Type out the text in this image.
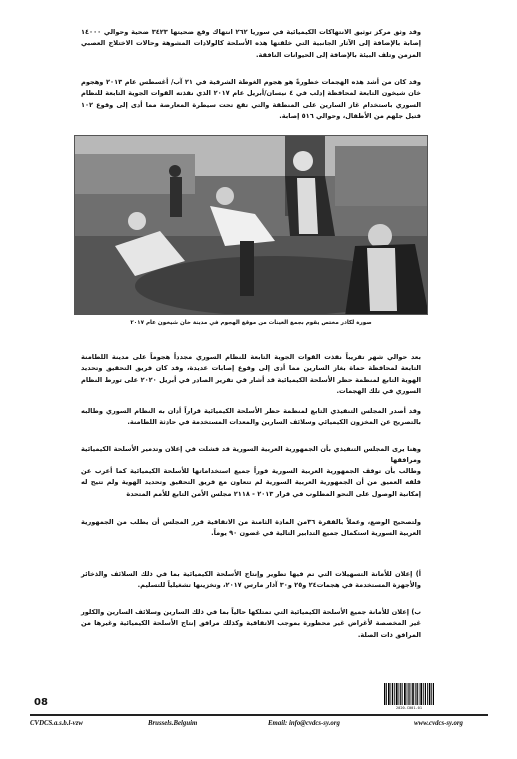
وقد وثق مركز توثيق الانتهاكات الكيميائية في سوريا ٢٦٢ انتهاك وقع ضحيتها ٣٤٢٣ ضحية وحوالي ١٤٠٠٠ إصابة بالإضافة إلى الآثار الجانبية التي خلقتها هذه الأسلحة كالولادات المشوهة وحالات الاختلاج العصبي المزمن وتلف البيئة بالإضافة إلى الحيوانات النافقة.

وقد كان من أشد هذه الهجمات خطورةً هو هجوم الغوطة الشرقية في ٢١ آب/ أغسطس عام ٢٠١٣ وهجوم خان شيخون التابعة لمحافظة إدلب في ٤ نيسان/أبريل عام ٢٠١٧ الذي نفذته القوات الجوية التابعة للنظام السوري باستخدام غاز السارين على المنطقة والتي تقع تحت سيطرة المعارضة مما أدى إلى وقوع ١٠٢ قتيل جلهم من الأطفال، وحوالي ٥١٦ إصابة.

صورة لكادر مختص يقوم بجمع العينات من موقع الهجوم في مدينة خان شيخون عام ٢٠١٧

بعد حوالي شهر تقريباً نفذت القوات الجوية التابعة للنظام السوري مجدداً هجوماً على مدينة اللطامنة التابعة لمحافظة حماة بغاز السارين مما أدى إلى وقوع إصابات عديدة، وقد كان فريق التحقيق وتحديد الهوية التابع لمنظمة حظر الأسلحة الكيميائية قد أشار في تقرير الصادر في أبريل ٢٠٢٠ على تورط النظام السوري في تلك الهجمات.

وقد أصدر المجلس التنفيذي التابع لمنظمة حظر الأسلحة الكيميائية قراراً أدان به النظام السوري وطالبه بالتصريح عن المخزون الكيميائي وسلائف السارين والمعدات المستخدمة في حادثة اللطامنة.

وهنا يرى المجلس التنفيذي بأن الجمهورية العربية السورية قد فشلت في إعلان وتدمير الأسلحة الكيميائية ومرافقها

وطالب بأن توقف الجمهورية العربية السورية فوراً جميع استخداماتها للأسلحة الكيميائية كما أعرب عن قلقه العميق من أن الجمهورية العربية السورية لم تتعاون مع فريق التحقيق وتحديد الهوية ولم تتيح له إمكانية الوصول على النحو المطلوب في قرار ٢٠١٣ - ٢١١٨ مجلس الأمن التابع للأمم المتحدة

ولتصحيح الوضع، وعملاً بالفقرة ٣٦من المادة الثامنة من الاتفاقية قرر المجلس أن يطلب من الجمهورية العربية السورية استكمال جميع التدابير التالية في غضون ٩٠ يوماً.

أ) إعلان للأمانة التسهيلات التي تم فيها تطوير وإنتاج الأسلحة الكيميائية بما في ذلك السلائف والذخائر والأجهزة المستخدمة في هجمات٢٤ و٢٥ و٣٠ آذار مارس ٢٠١٧، وتخزينها تشغيلياً للتسليم.

ب) إعلان للأمانة جميع الأسلحة الكيميائية التي تمتلكها حالياً بما في ذلك السارين وسلائف السارين والكلور غير المخصصة لأغراض غير محظورة بموجب الاتفاقية وكذلك مرافق إنتاج الأسلحة الكيميائية وغيرها من المرافق ذات الصلة.

08	2020-C001-01
CVDCS.a.s.b.l-vzw	Brussels.Belguim	Email: info@cvdcs-sy.org	www.cvdcs-sy.org
